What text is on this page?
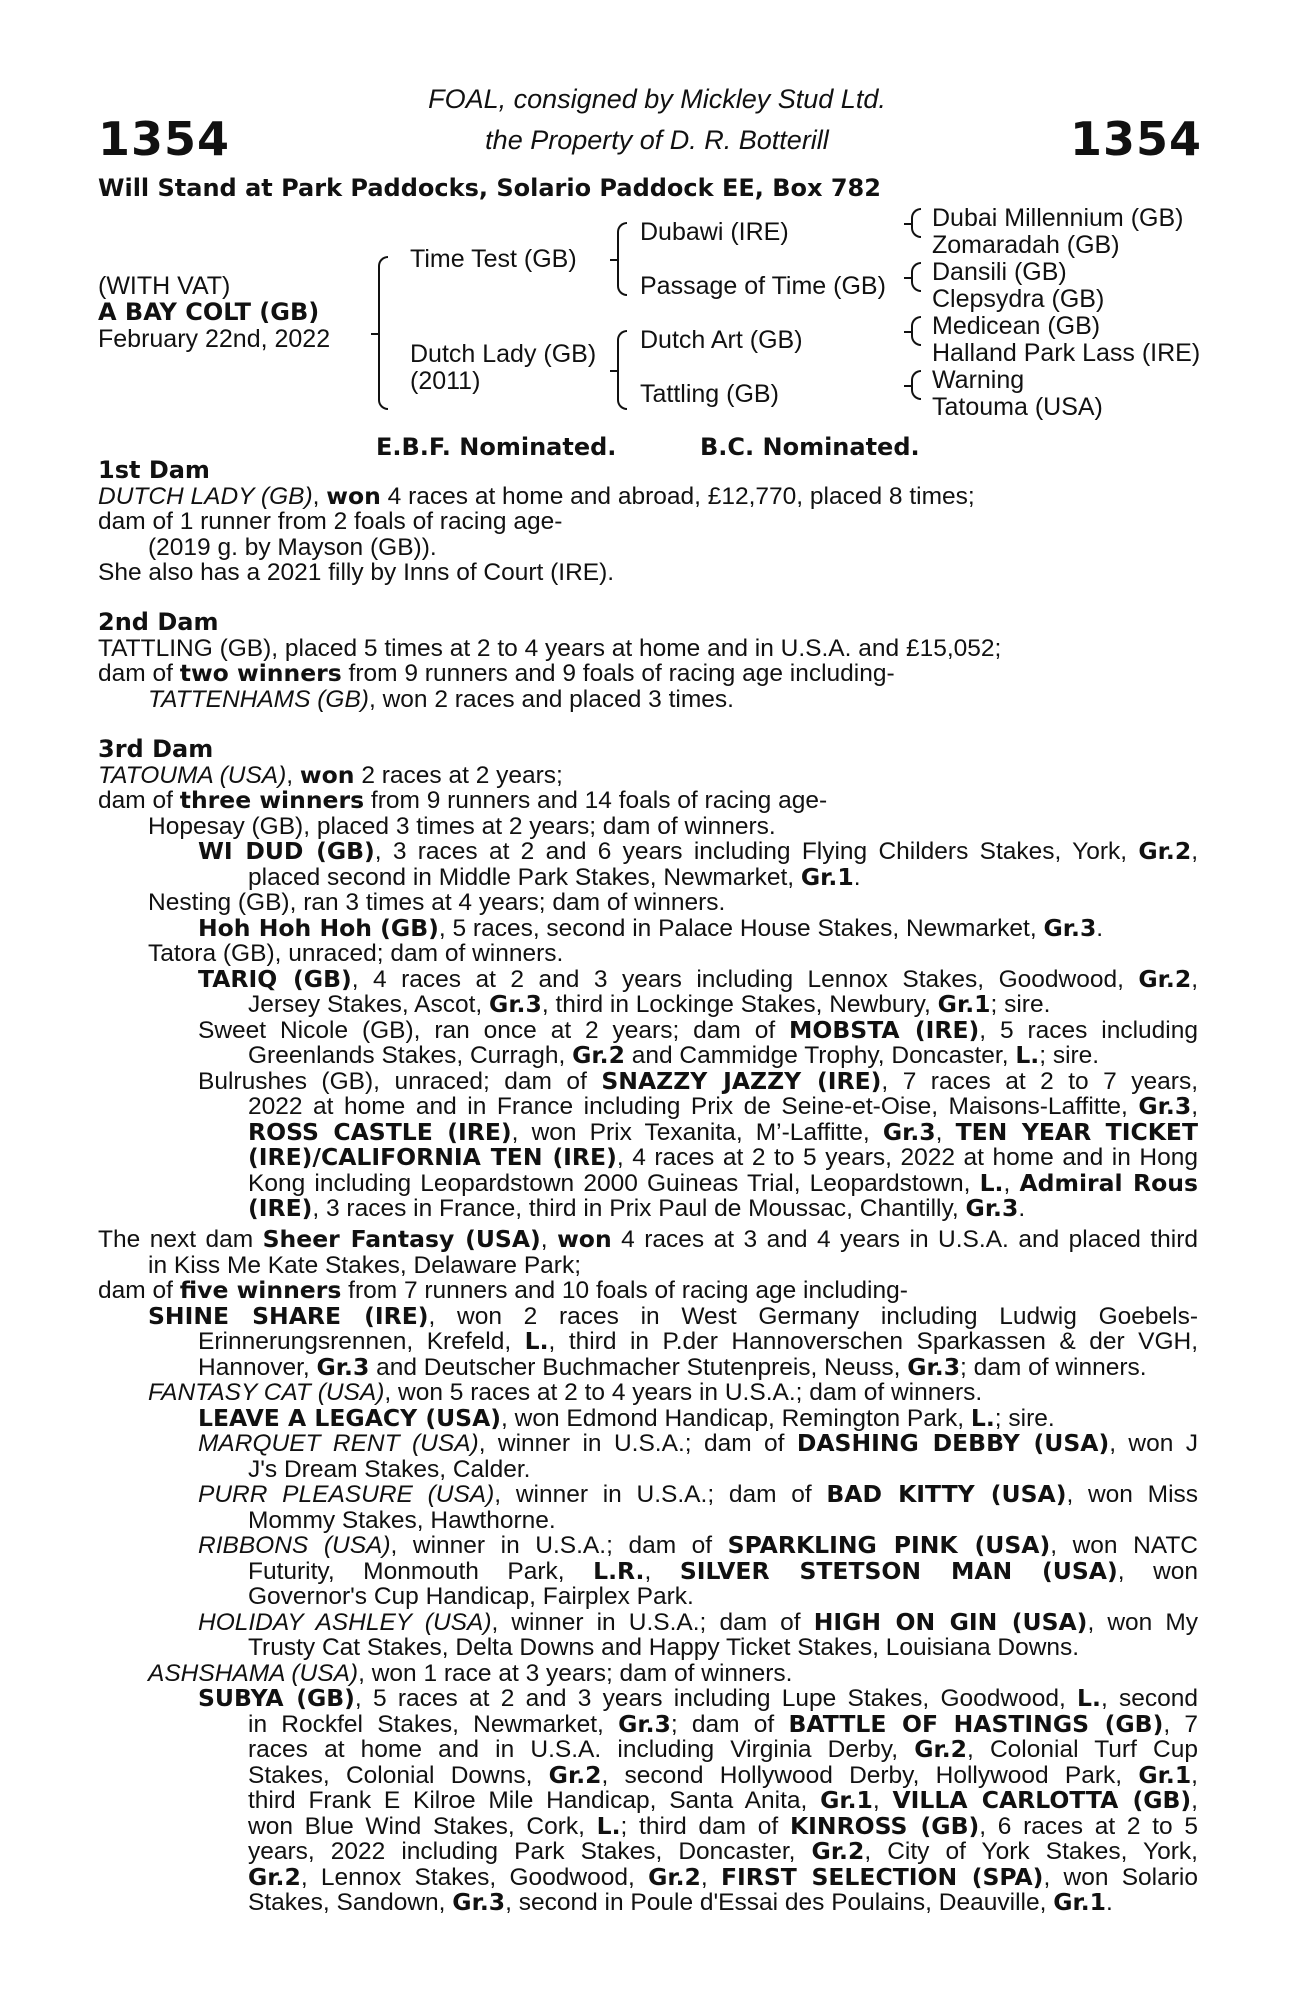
1354	1354
FOAL, consigned by Mickley Stud Ltd.
the Property of D. R. Botterill
Will Stand at Park Paddocks, Solario Paddock EE, Box 782
(WITH VAT)
A BAY COLT (GB)
February 22nd, 2022
Time Test (GB)
Dutch Lady (GB)
(2011)
Dubawi (IRE)
Passage of Time (GB)
Dutch Art (GB)
Tattling (GB)
Dubai Millennium (GB)
Zomaradah (GB)
Dansili (GB)
Clepsydra (GB)
Medicean (GB)
Halland Park Lass (IRE)
Warning
Tatouma (USA)
E.B.F. Nominated.	B.C. Nominated.
1st Dam
DUTCH LADY (GB), won 4 races at home and abroad, £12,770, placed 8 times;
dam of 1 runner from 2 foals of racing age-
(2019 g. by Mayson (GB)).
She also has a 2021 filly by Inns of Court (IRE).
2nd Dam
TATTLING (GB), placed 5 times at 2 to 4 years at home and in U.S.A. and £15,052;
dam of two winners from 9 runners and 9 foals of racing age including-
TATTENHAMS (GB), won 2 races and placed 3 times.
3rd Dam
TATOUMA (USA), won 2 races at 2 years;
dam of three winners from 9 runners and 14 foals of racing age-
Hopesay (GB), placed 3 times at 2 years; dam of winners.
WI DUD (GB), 3 races at 2 and 6 years including Flying Childers Stakes, York, Gr.2,
placed second in Middle Park Stakes, Newmarket, Gr.1.
Nesting (GB), ran 3 times at 4 years; dam of winners.
Hoh Hoh Hoh (GB), 5 races, second in Palace House Stakes, Newmarket, Gr.3.
Tatora (GB), unraced; dam of winners.
TARIQ (GB), 4 races at 2 and 3 years including Lennox Stakes, Goodwood, Gr.2,
Jersey Stakes, Ascot, Gr.3, third in Lockinge Stakes, Newbury, Gr.1; sire.
Sweet Nicole (GB), ran once at 2 years; dam of MOBSTA (IRE), 5 races including
Greenlands Stakes, Curragh, Gr.2 and Cammidge Trophy, Doncaster, L.; sire.
Bulrushes (GB), unraced; dam of SNAZZY JAZZY (IRE), 7 races at 2 to 7 years,
2022 at home and in France including Prix de Seine-et-Oise, Maisons-Laffitte, Gr.3,
ROSS CASTLE (IRE), won Prix Texanita, M’-Laffitte, Gr.3, TEN YEAR TICKET
(IRE)/CALIFORNIA TEN (IRE), 4 races at 2 to 5 years, 2022 at home and in Hong
Kong including Leopardstown 2000 Guineas Trial, Leopardstown, L., Admiral Rous
(IRE), 3 races in France, third in Prix Paul de Moussac, Chantilly, Gr.3.
The next dam Sheer Fantasy (USA), won 4 races at 3 and 4 years in U.S.A. and placed third
in Kiss Me Kate Stakes, Delaware Park;
dam of five winners from 7 runners and 10 foals of racing age including-
SHINE SHARE (IRE), won 2 races in West Germany including Ludwig Goebels-
Erinnerungsrennen, Krefeld, L., third in P.der Hannoverschen Sparkassen & der VGH,
Hannover, Gr.3 and Deutscher Buchmacher Stutenpreis, Neuss, Gr.3; dam of winners.
FANTASY CAT (USA), won 5 races at 2 to 4 years in U.S.A.; dam of winners.
LEAVE A LEGACY (USA), won Edmond Handicap, Remington Park, L.; sire.
MARQUET RENT (USA), winner in U.S.A.; dam of DASHING DEBBY (USA), won J
J's Dream Stakes, Calder.
PURR PLEASURE (USA), winner in U.S.A.; dam of BAD KITTY (USA), won Miss
Mommy Stakes, Hawthorne.
RIBBONS (USA), winner in U.S.A.; dam of SPARKLING PINK (USA), won NATC
Futurity, Monmouth Park, L.R., SILVER STETSON MAN (USA), won
Governor's Cup Handicap, Fairplex Park.
HOLIDAY ASHLEY (USA), winner in U.S.A.; dam of HIGH ON GIN (USA), won My
Trusty Cat Stakes, Delta Downs and Happy Ticket Stakes, Louisiana Downs.
ASHSHAMA (USA), won 1 race at 3 years; dam of winners.
SUBYA (GB), 5 races at 2 and 3 years including Lupe Stakes, Goodwood, L., second
in Rockfel Stakes, Newmarket, Gr.3; dam of BATTLE OF HASTINGS (GB), 7
races at home and in U.S.A. including Virginia Derby, Gr.2, Colonial Turf Cup
Stakes, Colonial Downs, Gr.2, second Hollywood Derby, Hollywood Park, Gr.1,
third Frank E Kilroe Mile Handicap, Santa Anita, Gr.1, VILLA CARLOTTA (GB),
won Blue Wind Stakes, Cork, L.; third dam of KINROSS (GB), 6 races at 2 to 5
years, 2022 including Park Stakes, Doncaster, Gr.2, City of York Stakes, York,
Gr.2, Lennox Stakes, Goodwood, Gr.2, FIRST SELECTION (SPA), won Solario
Stakes, Sandown, Gr.3, second in Poule d'Essai des Poulains, Deauville, Gr.1.
